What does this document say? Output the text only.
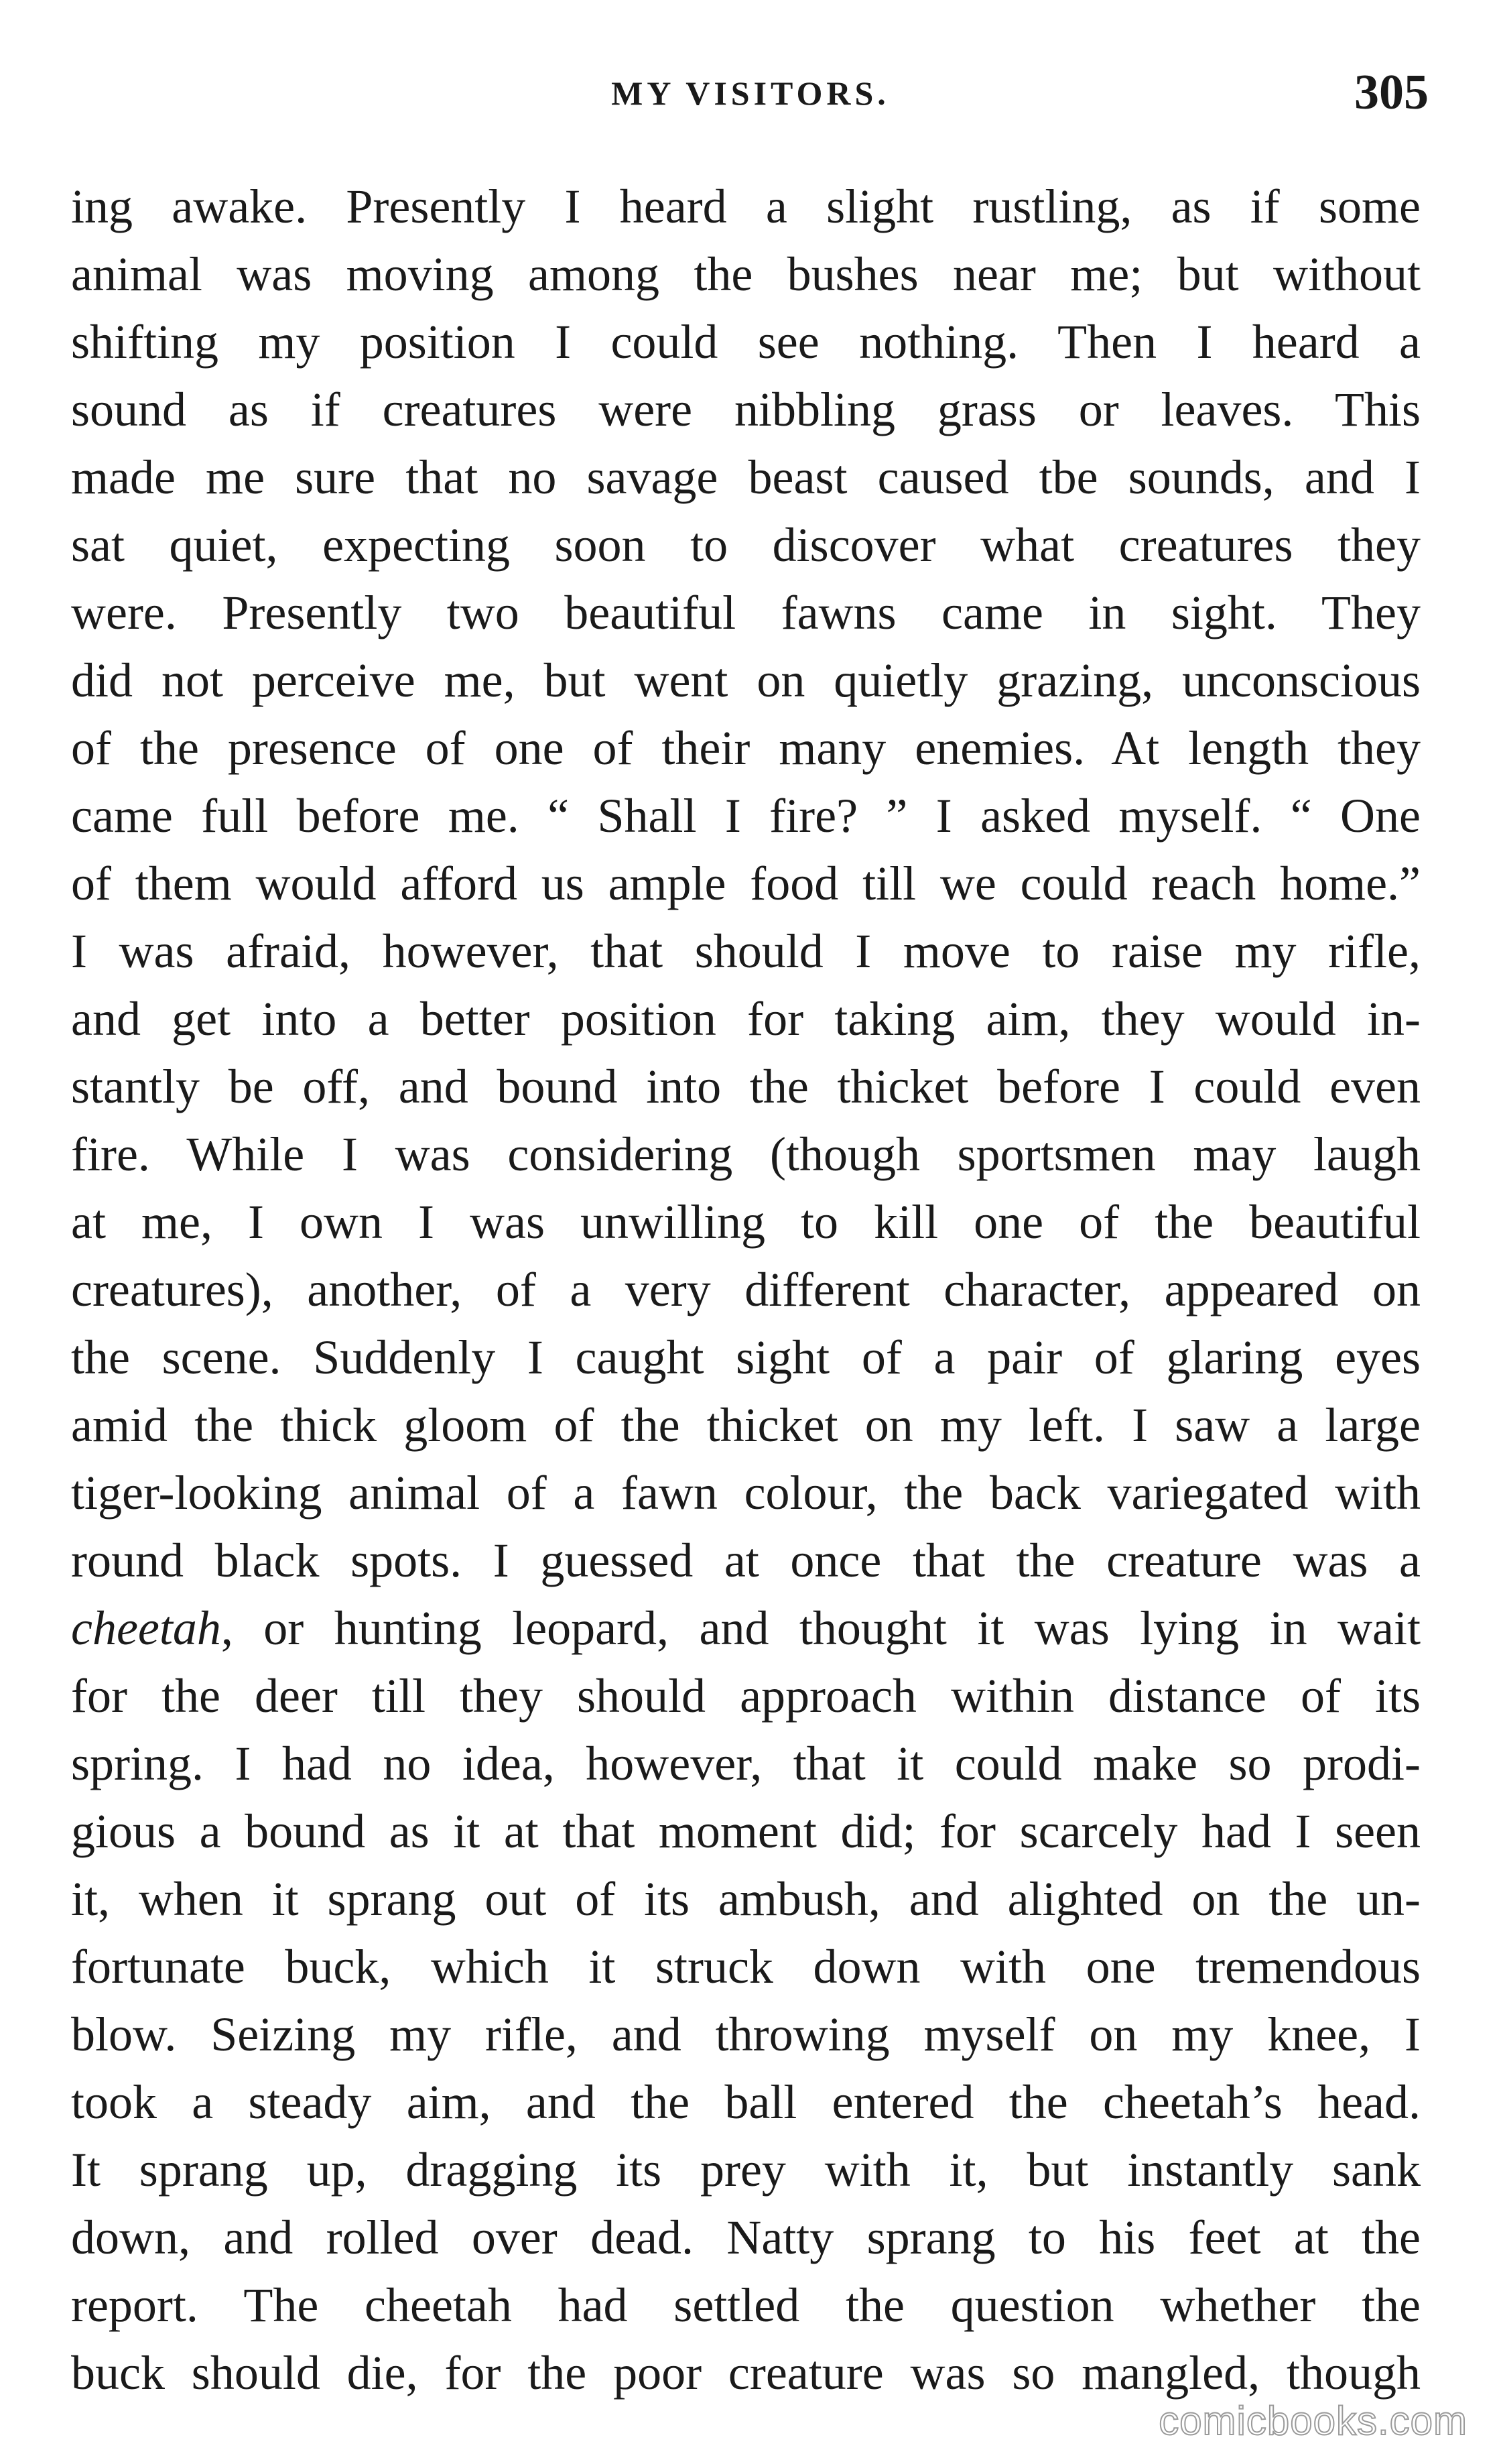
MY VISITORS.	305
ing awake. Presently I heard a slight rustling, as if some
animal was moving among the bushes near me; but without
shifting my position I could see nothing. Then I heard a
sound as if creatures were nibbling grass or leaves. This
made me sure that no savage beast caused tbe sounds, and I
sat quiet, expecting soon to discover what creatures they
were. Presently two beautiful fawns came in sight. They
did not perceive me, but went on quietly grazing, unconscious
of the presence of one of their many enemies. At length they
came full before me. “ Shall I fire? ” I asked myself. “ One
of them would afford us ample food till we could reach home.”
I was afraid, however, that should I move to raise my rifle,
and get into a better position for taking aim, they would in-
stantly be off, and bound into the thicket before I could even
fire. While I was considering (though sportsmen may laugh
at me, I own I was unwilling to kill one of the beautiful
creatures), another, of a very different character, appeared on
the scene. Suddenly I caught sight of a pair of glaring eyes
amid the thick gloom of the thicket on my left. I saw a large
tiger-looking animal of a fawn colour, the back variegated with
round black spots. I guessed at once that the creature was a
cheetah, or hunting leopard, and thought it was lying in wait
for the deer till they should approach within distance of its
spring. I had no idea, however, that it could make so prodi-
gious a bound as it at that moment did; for scarcely had I seen
it, when it sprang out of its ambush, and alighted on the un-
fortunate buck, which it struck down with one tremendous
blow. Seizing my rifle, and throwing myself on my knee, I
took a steady aim, and the ball entered the cheetah’s head.
It sprang up, dragging its prey with it, but instantly sank
down, and rolled over dead. Natty sprang to his feet at the
report. The cheetah had settled the question whether the
buck should die, for the poor creature was so mangled, though
comicbooks.com
